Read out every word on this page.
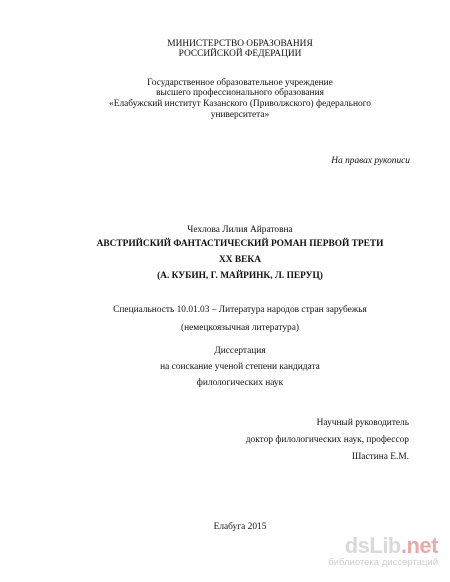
МИНИСТЕРСТВО ОБРАЗОВАНИЯ
РОССИЙСКОЙ ФЕДЕРАЦИИ
Государственное образовательное учреждение
высшего профессионального образования
«Елабужский институт Казанского (Приволжского) федерального
университета»
На правах рукописи
Чехлова Лилия Айратовна
АВСТРИЙСКИЙ ФАНТАСТИЧЕСКИЙ РОМАН ПЕРВОЙ ТРЕТИ
XX ВЕКА
(А. КУБИН, Г. МАЙРИНК, Л. ПЕРУЦ)
Специальность 10.01.03 – Литература народов стран зарубежья
(немецкоязычная литература)
Диссертация
на соискание ученой степени кандидата
филологических наук
Научный руководитель
доктор филологических наук, профессор
Шастина Е.М.
Елабуга 2015
dsLib.net
библиотека диссертаций
